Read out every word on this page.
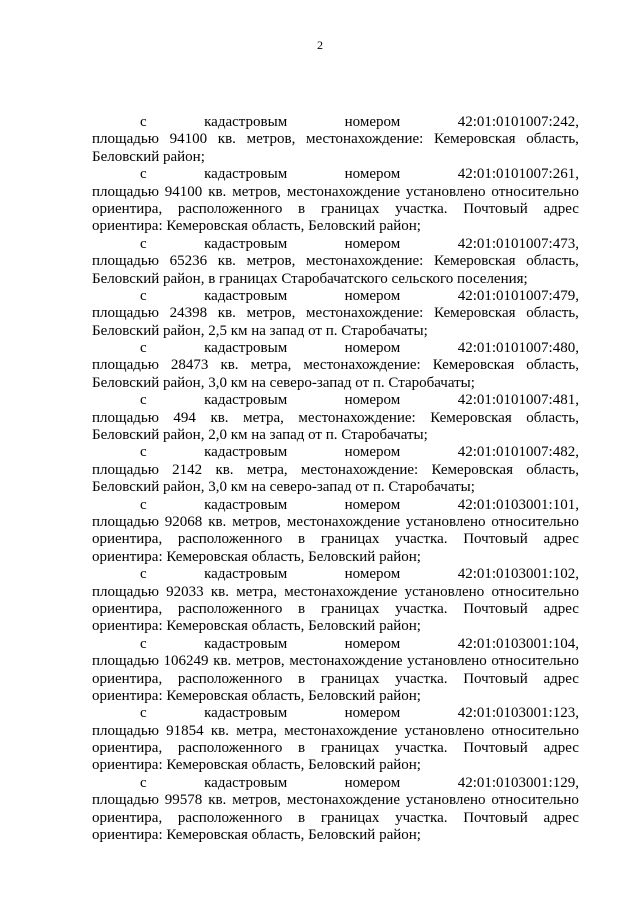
2
с	кадастровым	номером	42:01:0101007:242,
площадью 94100 кв. метров, местонахождение: Кемеровская область,
Беловский район;
с	кадастровым	номером	42:01:0101007:261,
площадью 94100 кв. метров, местонахождение установлено относительно
ориентира, расположенного в границах участка. Почтовый адрес
ориентира: Кемеровская область, Беловский район;
с	кадастровым	номером	42:01:0101007:473,
площадью 65236 кв. метров, местонахождение: Кемеровская область,
Беловский район, в границах Старобачатского сельского поселения;
с	кадастровым	номером	42:01:0101007:479,
площадью 24398 кв. метров, местонахождение: Кемеровская область,
Беловский район, 2,5 км на запад от п. Старобачаты;
с	кадастровым	номером	42:01:0101007:480,
площадью 28473 кв. метра, местонахождение: Кемеровская область,
Беловский район, 3,0 км на северо-запад от п. Старобачаты;
с	кадастровым	номером	42:01:0101007:481,
площадью 494 кв. метра, местонахождение: Кемеровская область,
Беловский район, 2,0 км на запад от п. Старобачаты;
с	кадастровым	номером	42:01:0101007:482,
площадью 2142 кв. метра, местонахождение: Кемеровская область,
Беловский район, 3,0 км на северо-запад от п. Старобачаты;
с	кадастровым	номером	42:01:0103001:101,
площадью 92068 кв. метров, местонахождение установлено относительно
ориентира, расположенного в границах участка. Почтовый адрес
ориентира: Кемеровская область, Беловский район;
с	кадастровым	номером	42:01:0103001:102,
площадью 92033 кв. метра, местонахождение установлено относительно
ориентира, расположенного в границах участка. Почтовый адрес
ориентира: Кемеровская область, Беловский район;
с	кадастровым	номером	42:01:0103001:104,
площадью 106249 кв. метров, местонахождение установлено относительно
ориентира, расположенного в границах участка. Почтовый адрес
ориентира: Кемеровская область, Беловский район;
с	кадастровым	номером	42:01:0103001:123,
площадью 91854 кв. метра, местонахождение установлено относительно
ориентира, расположенного в границах участка. Почтовый адрес
ориентира: Кемеровская область, Беловский район;
с	кадастровым	номером	42:01:0103001:129,
площадью 99578 кв. метров, местонахождение установлено относительно
ориентира, расположенного в границах участка. Почтовый адрес
ориентира: Кемеровская область, Беловский район;
